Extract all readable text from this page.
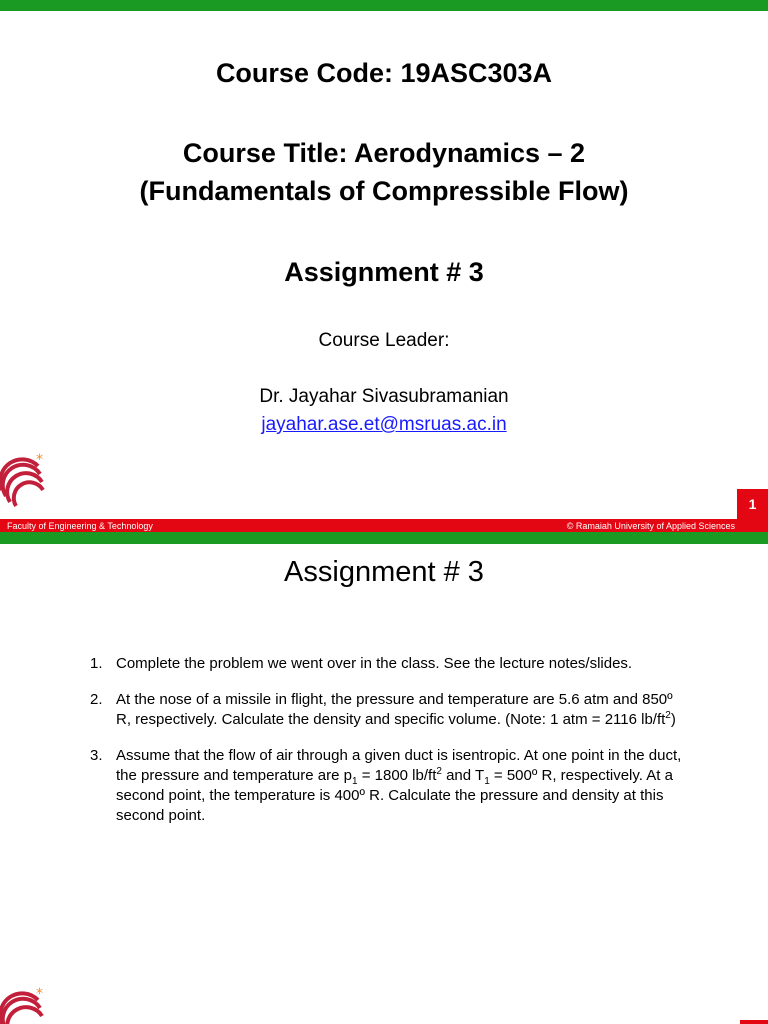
Course Code: 19ASC303A
Course Title: Aerodynamics – 2
(Fundamentals of Compressible Flow)
Assignment # 3
Course Leader:
Dr. Jayahar Sivasubramanian
jayahar.ase.et@msruas.ac.in
*
1
Faculty of Engineering & Technology	© Ramaiah University of Applied Sciences
Assignment # 3
1. Complete the problem we went over in the class. See the lecture notes/slides.
2. At the nose of a missile in flight, the pressure and temperature are 5.6 atm and 850º R, respectively. Calculate the density and specific volume. (Note: 1 atm = 2116 $lb/ft^2$)
3. Assume that the flow of air through a given duct is isentropic. At one point in the duct, the pressure and temperature are $p_1 = 1800$ $lb/ft^2$ and $T_1$ = 500º R, respectively. At a second point, the temperature is 400º R. Calculate the pressure and density at this second point.
*
